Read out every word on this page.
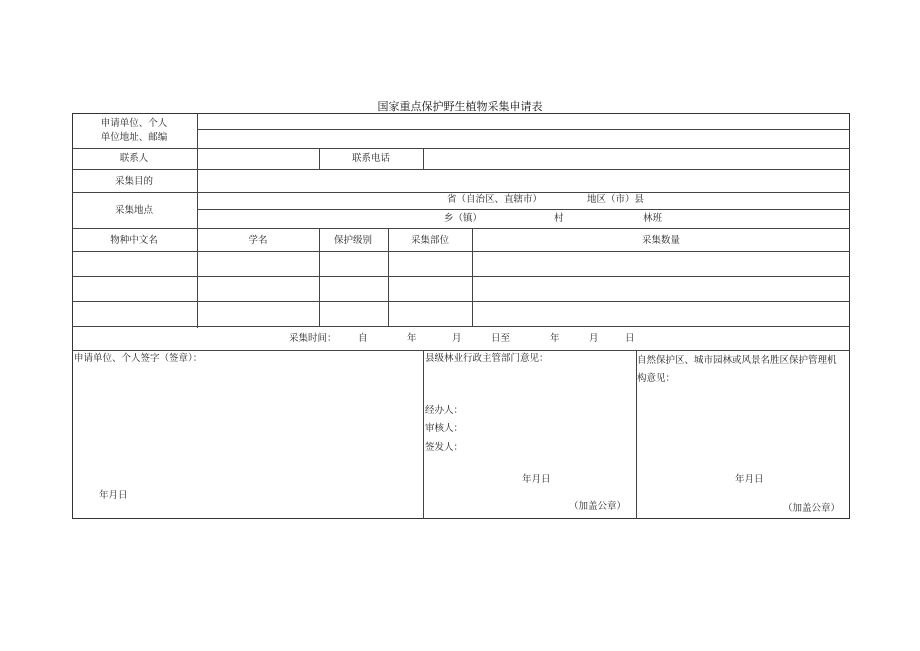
国家重点保护野生植物采集申请表
申请单位、个人
单位地址、邮编
联系人	联系电话
采集目的
采集地点
省（自治区、直辖市）	地区（市）县
乡（镇）	村	林班
物种中文名	学名	保护级别	采集部位	采集数量
采集时间： 自	年	月	日至	年	月	日
申请单位、个人签字（签章）：
年月日
县级林业行政主管部门意见：
经办人：
审核人：
签发人：
年月日
（加盖公章）
自然保护区、城市园林或风景名胜区保护管理机
构意见：
年月日
（加盖公章）
